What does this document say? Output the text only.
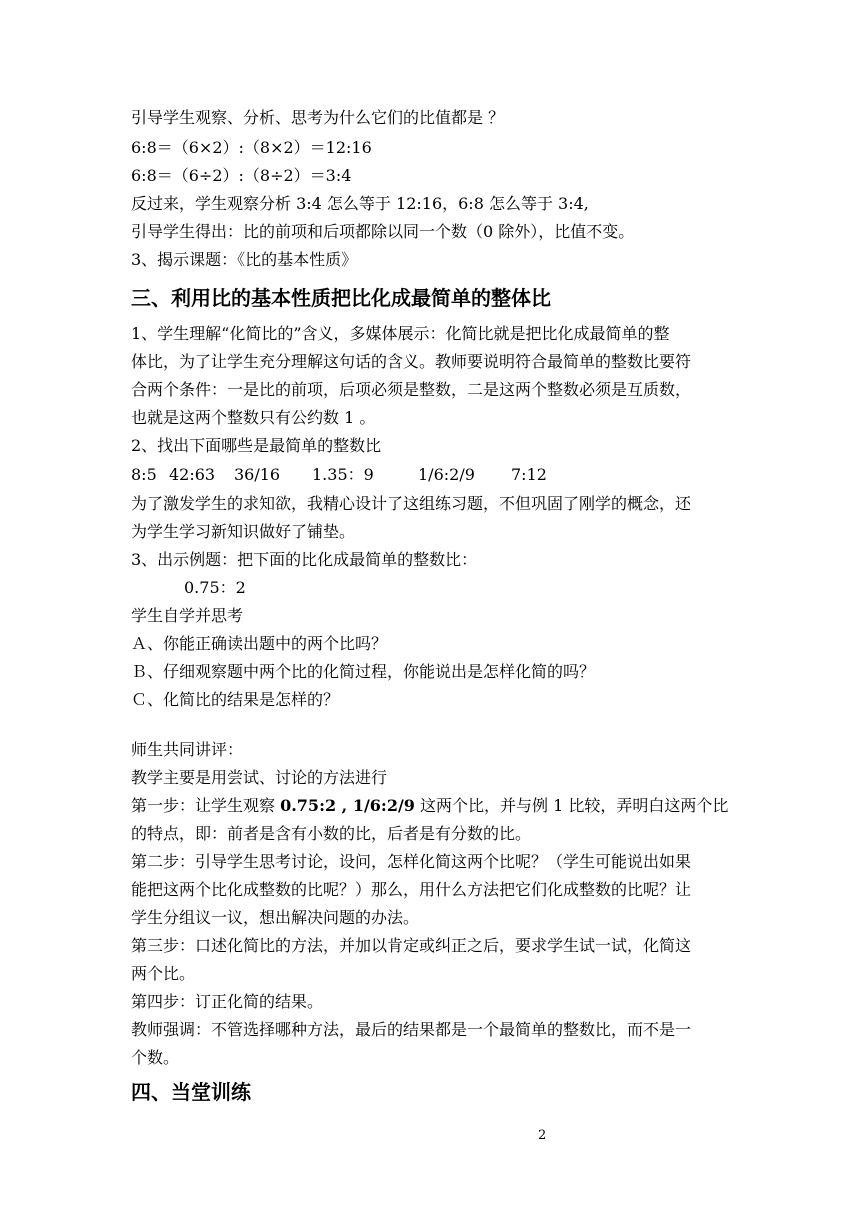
引导学生观察、分析、思考为什么它们的比值都是 ？
6:8＝（6×2）:（8×2）＝12:16
6:8＝（6÷2）:（8÷2）＝3:4
反过来，学生观察分析 3:4 怎么等于 12:16，6:8 怎么等于 3:4,
引导学生得出：比的前项和后项都除以同一个数（0 除外），比值不变。
3、揭示课题：《比的基本性质》
三、利用比的基本性质把比化成最简单的整体比
1、学生理解“化简比的”含义，多媒体展示：化简比就是把比化成最简单的整
体比，为了让学生充分理解这句话的含义。教师要说明符合最简单的整数比要符
合两个条件：一是比的前项，后项必须是整数，二是这两个整数必须是互质数，
也就是这两个整数只有公约数 1 。
2、找出下面哪些是最简单的整数比
8:5 42:63 36/16 1.35：9	1/6:2/9 7:12
为了激发学生的求知欲，我精心设计了这组练习题，不但巩固了刚学的概念，还
为学生学习新知识做好了铺垫。
3、出示例题：把下面的比化成最简单的整数比：
0.75：2
学生自学并思考
Ａ、你能正确读出题中的两个比吗？
Ｂ、仔细观察题中两个比的化简过程，你能说出是怎样化简的吗？
Ｃ、化简比的结果是怎样的？
师生共同讲评：
教学主要是用尝试、讨论的方法进行
第一步：让学生观察 0.75:2 , 1/6:2/9 这两个比，并与例 1 比较，弄明白这两个比
的特点，即：前者是含有小数的比，后者是有分数的比。
第二步：引导学生思考讨论，设问，怎样化简这两个比呢？（学生可能说出如果
能把这两个比化成整数的比呢？）那么，用什么方法把它们化成整数的比呢？让
学生分组议一议，想出解决问题的办法。
第三步：口述化简比的方法，并加以肯定或纠正之后，要求学生试一试，化简这
两个比。
第四步：订正化简的结果。
教师强调：不管选择哪种方法，最后的结果都是一个最简单的整数比，而不是一
个数。
四、当堂训练
2
